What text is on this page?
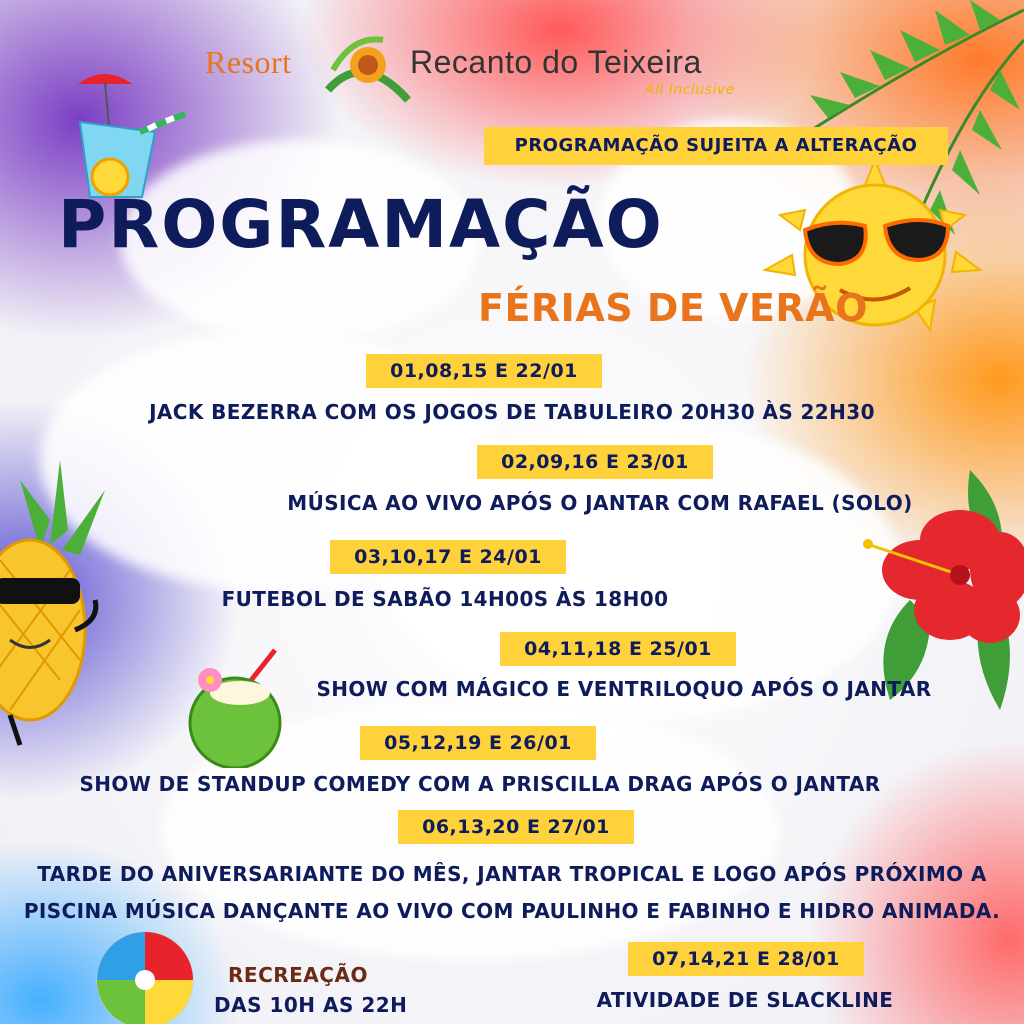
Resort	Recanto do Teixeira
All Inclusive
PROGRAMAÇÃO SUJEITA A ALTERAÇÃO
PROGRAMAÇÃO
FÉRIAS DE VERÃO
01,08,15 E 22/01
JACK BEZERRA COM OS JOGOS DE TABULEIRO 20H30 ÀS 22H30
02,09,16 E 23/01
MÚSICA AO VIVO APÓS O JANTAR COM RAFAEL (SOLO)
03,10,17 E 24/01
FUTEBOL DE SABÃO 14H00S ÀS 18H00
04,11,18 E 25/01
SHOW COM MÁGICO E VENTRILOQUO APÓS O JANTAR
05,12,19 E 26/01
SHOW DE STANDUP COMEDY COM A PRISCILLA DRAG APÓS O JANTAR
06,13,20 E 27/01
TARDE DO ANIVERSARIANTE DO MÊS, JANTAR TROPICAL E LOGO APÓS PRÓXIMO A
PISCINA MÚSICA DANÇANTE AO VIVO COM PAULINHO E FABINHO E HIDRO ANIMADA.
07,14,21 E 28/01
ATIVIDADE DE SLACKLINE
RECREAÇÃO
DAS 10H AS 22H
